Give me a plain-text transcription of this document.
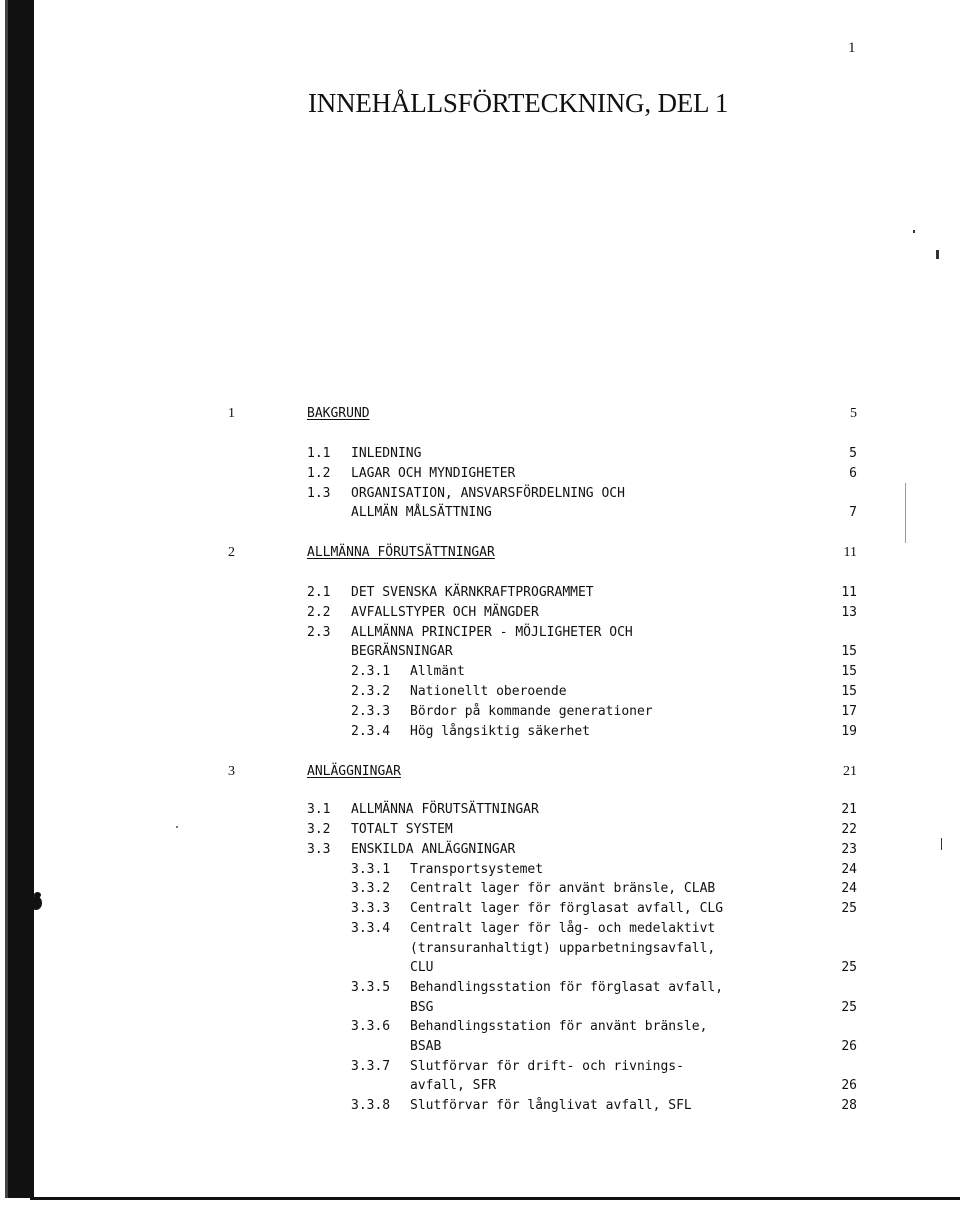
1
INNEHÅLLSFÖRTECKNING, DEL 1
1	BAKGRUND	5
1.1 INLEDNING	5
1.2 LAGAR OCH MYNDIGHETER	6
1.3 ORGANISATION, ANSVARSFÖRDELNING OCH
ALLMÄN MÅLSÄTTNING	7
2	ALLMÄNNA FÖRUTSÄTTNINGAR	11
2.1 DET SVENSKA KÄRNKRAFTPROGRAMMET	11
2.2 AVFALLSTYPER OCH MÄNGDER	13
2.3 ALLMÄNNA PRINCIPER - MÖJLIGHETER OCH
BEGRÄNSNINGAR	15
2.3.1 Allmänt	15
2.3.2 Nationellt oberoende	15
2.3.3 Bördor på kommande generationer	17
2.3.4 Hög långsiktig säkerhet	19
3	ANLÄGGNINGAR	21
3.1 ALLMÄNNA FÖRUTSÄTTNINGAR	21
3.2 TOTALT SYSTEM	22
3.3 ENSKILDA ANLÄGGNINGAR	23
3.3.1 Transportsystemet	24
3.3.2 Centralt lager för använt bränsle, CLAB	24
3.3.3 Centralt lager för förglasat avfall, CLG	25
3.3.4 Centralt lager för låg- och medelaktivt
(transuranhaltigt) upparbetningsavfall,
CLU	25
3.3.5 Behandlingsstation för förglasat avfall,
BSG	25
3.3.6 Behandlingsstation för använt bränsle,
BSAB	26
3.3.7 Slutförvar för drift- och rivnings-
avfall, SFR	26
3.3.8 Slutförvar för långlivat avfall, SFL	28
